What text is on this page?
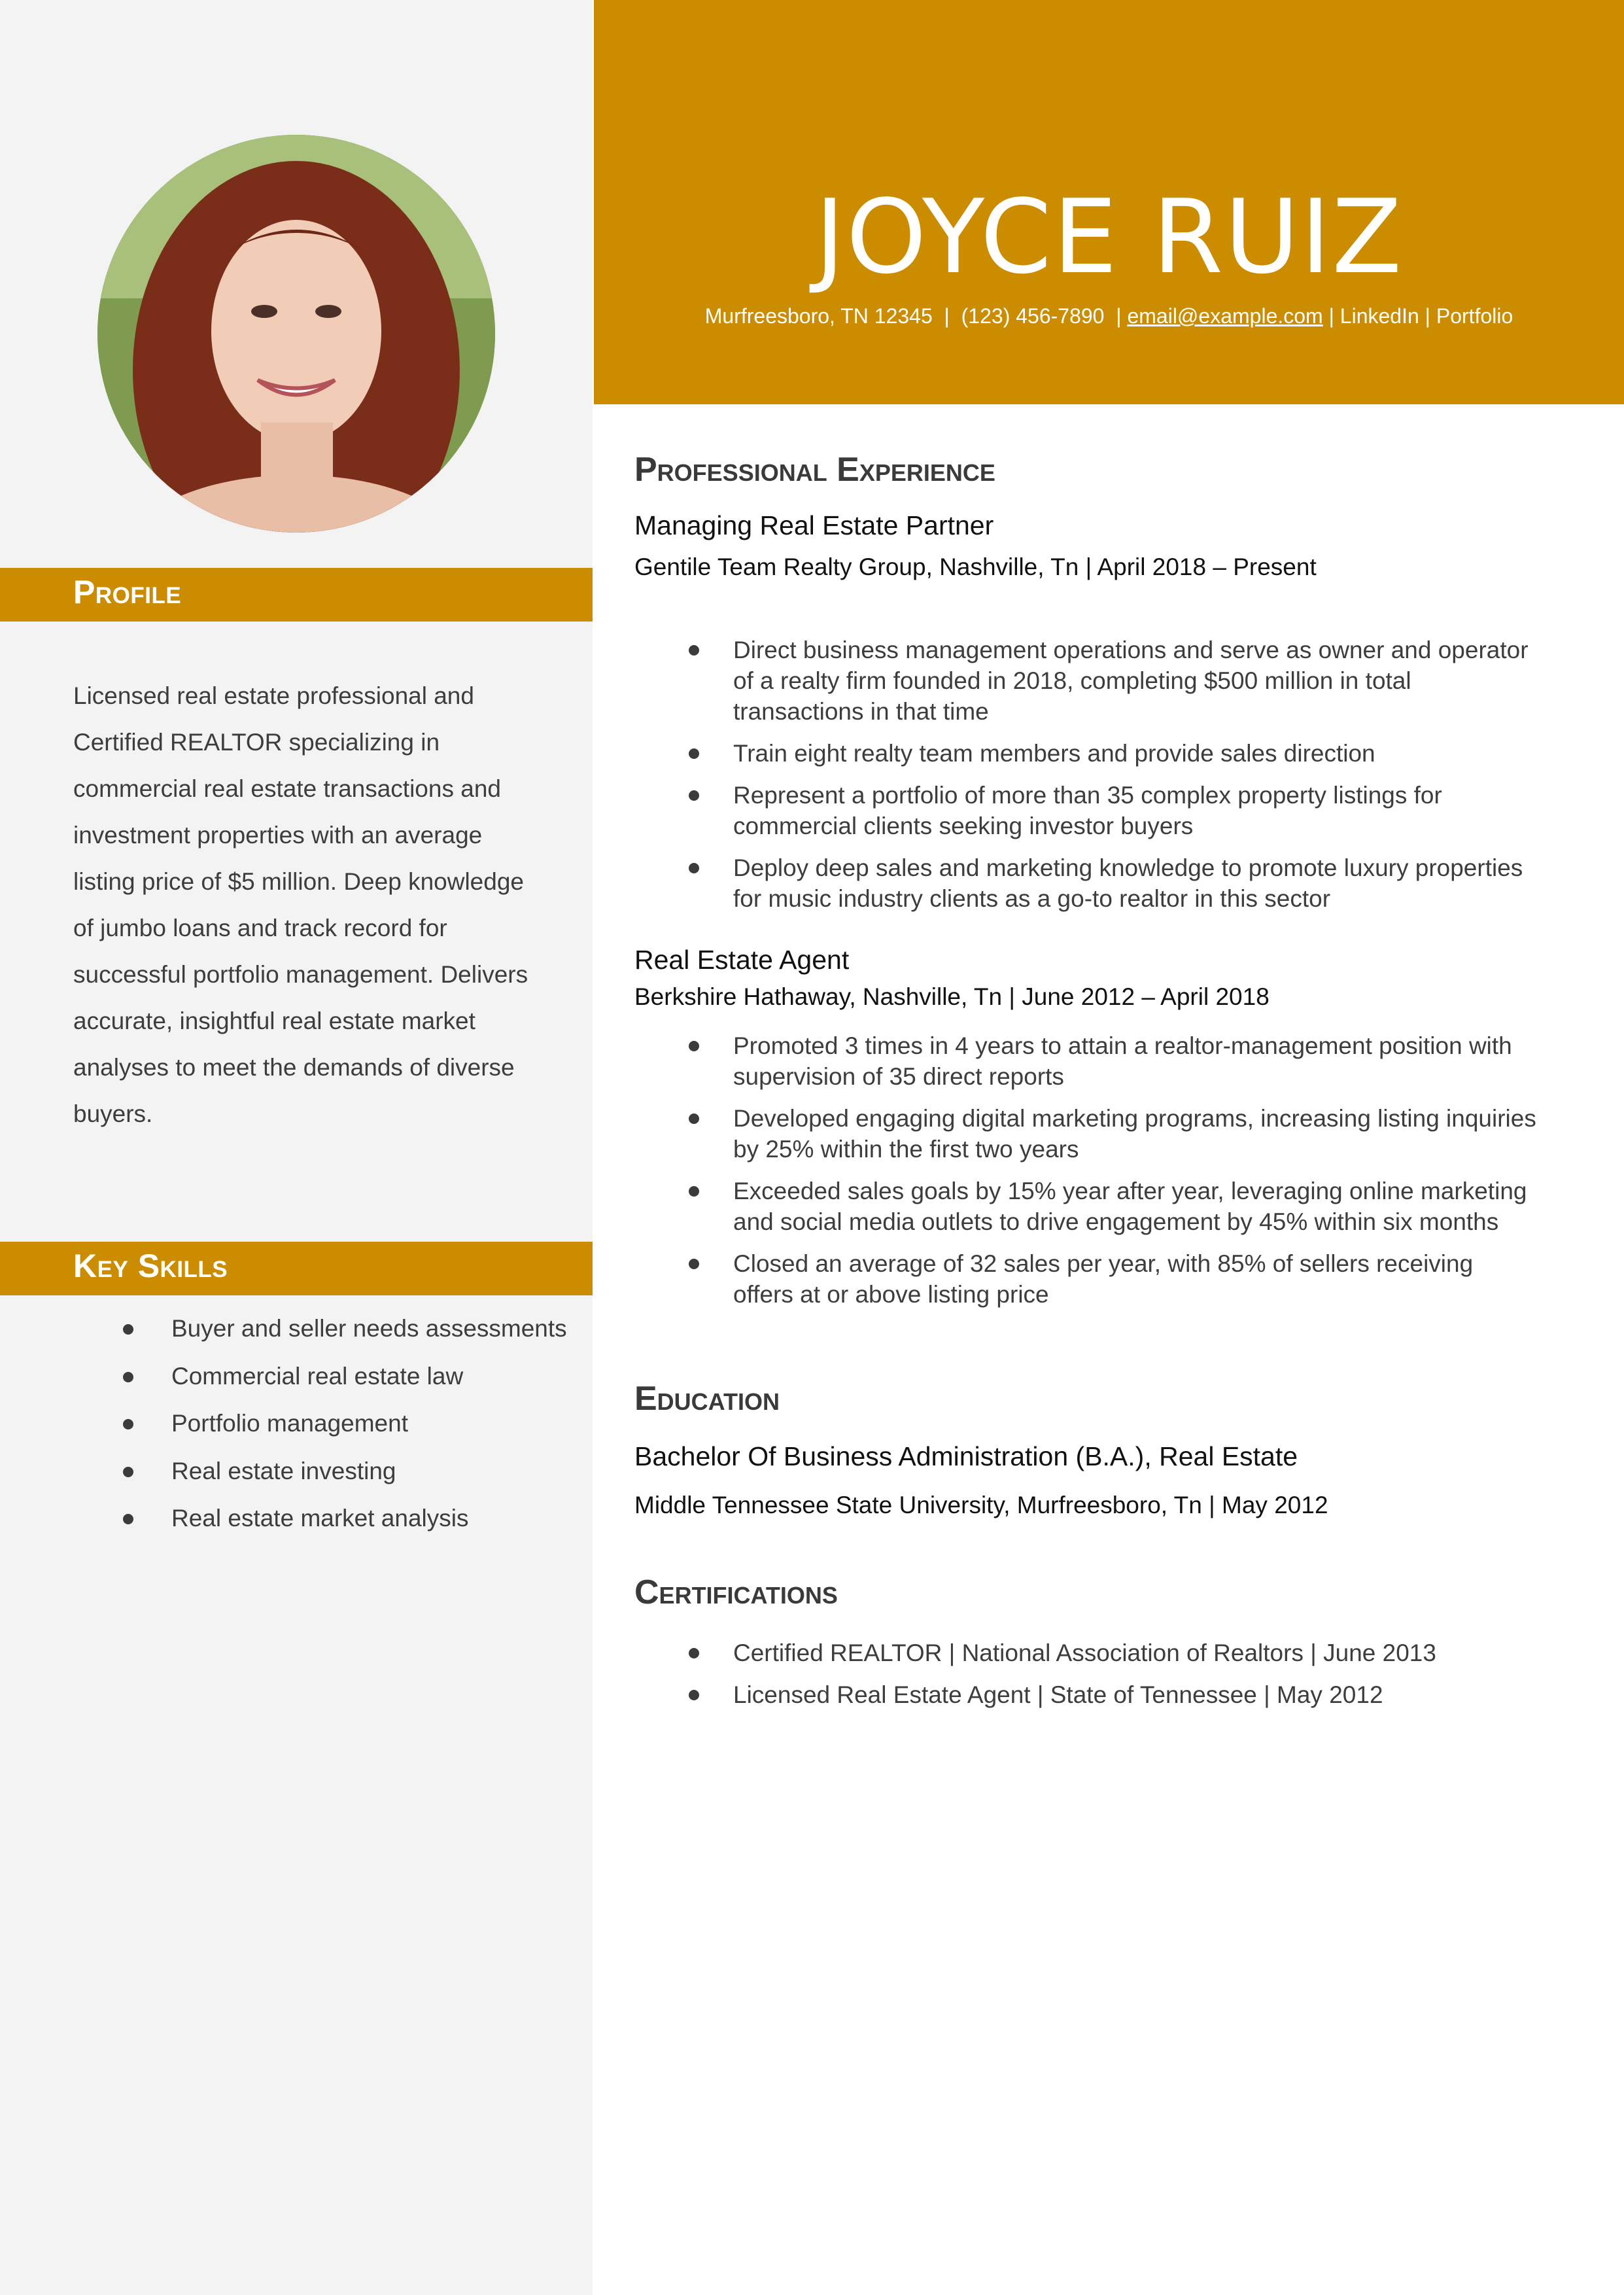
Profile
Licensed real estate professional and Certified REALTOR specializing in commercial real estate transactions and investment properties with an average listing price of $5 million. Deep knowledge of jumbo loans and track record for successful portfolio management. Delivers accurate, insightful real estate market analyses to meet the demands of diverse buyers.
Key Skills
Buyer and seller needs assessments
Commercial real estate law
Portfolio management
Real estate investing
Real estate market analysis
JOYCE RUIZ
Murfreesboro, TN 12345 | (123) 456-7890 | email@example.com | LinkedIn | Portfolio
Professional Experience
Managing Real Estate Partner
Gentile Team Realty Group, Nashville, Tn | April 2018 – Present
Direct business management operations and serve as owner and operator of a realty firm founded in 2018, completing $500 million in total transactions in that time
Train eight realty team members and provide sales direction
Represent a portfolio of more than 35 complex property listings for commercial clients seeking investor buyers
Deploy deep sales and marketing knowledge to promote luxury properties for music industry clients as a go-to realtor in this sector
Real Estate Agent
Berkshire Hathaway, Nashville, Tn | June 2012 – April 2018
Promoted 3 times in 4 years to attain a realtor-management position with supervision of 35 direct reports
Developed engaging digital marketing programs, increasing listing inquiries by 25% within the first two years
Exceeded sales goals by 15% year after year, leveraging online marketing and social media outlets to drive engagement by 45% within six months
Closed an average of 32 sales per year, with 85% of sellers receiving offers at or above listing price
Education
Bachelor Of Business Administration (B.A.), Real Estate
Middle Tennessee State University, Murfreesboro, Tn | May 2012
Certifications
Certified REALTOR | National Association of Realtors | June 2013
Licensed Real Estate Agent | State of Tennessee | May 2012
